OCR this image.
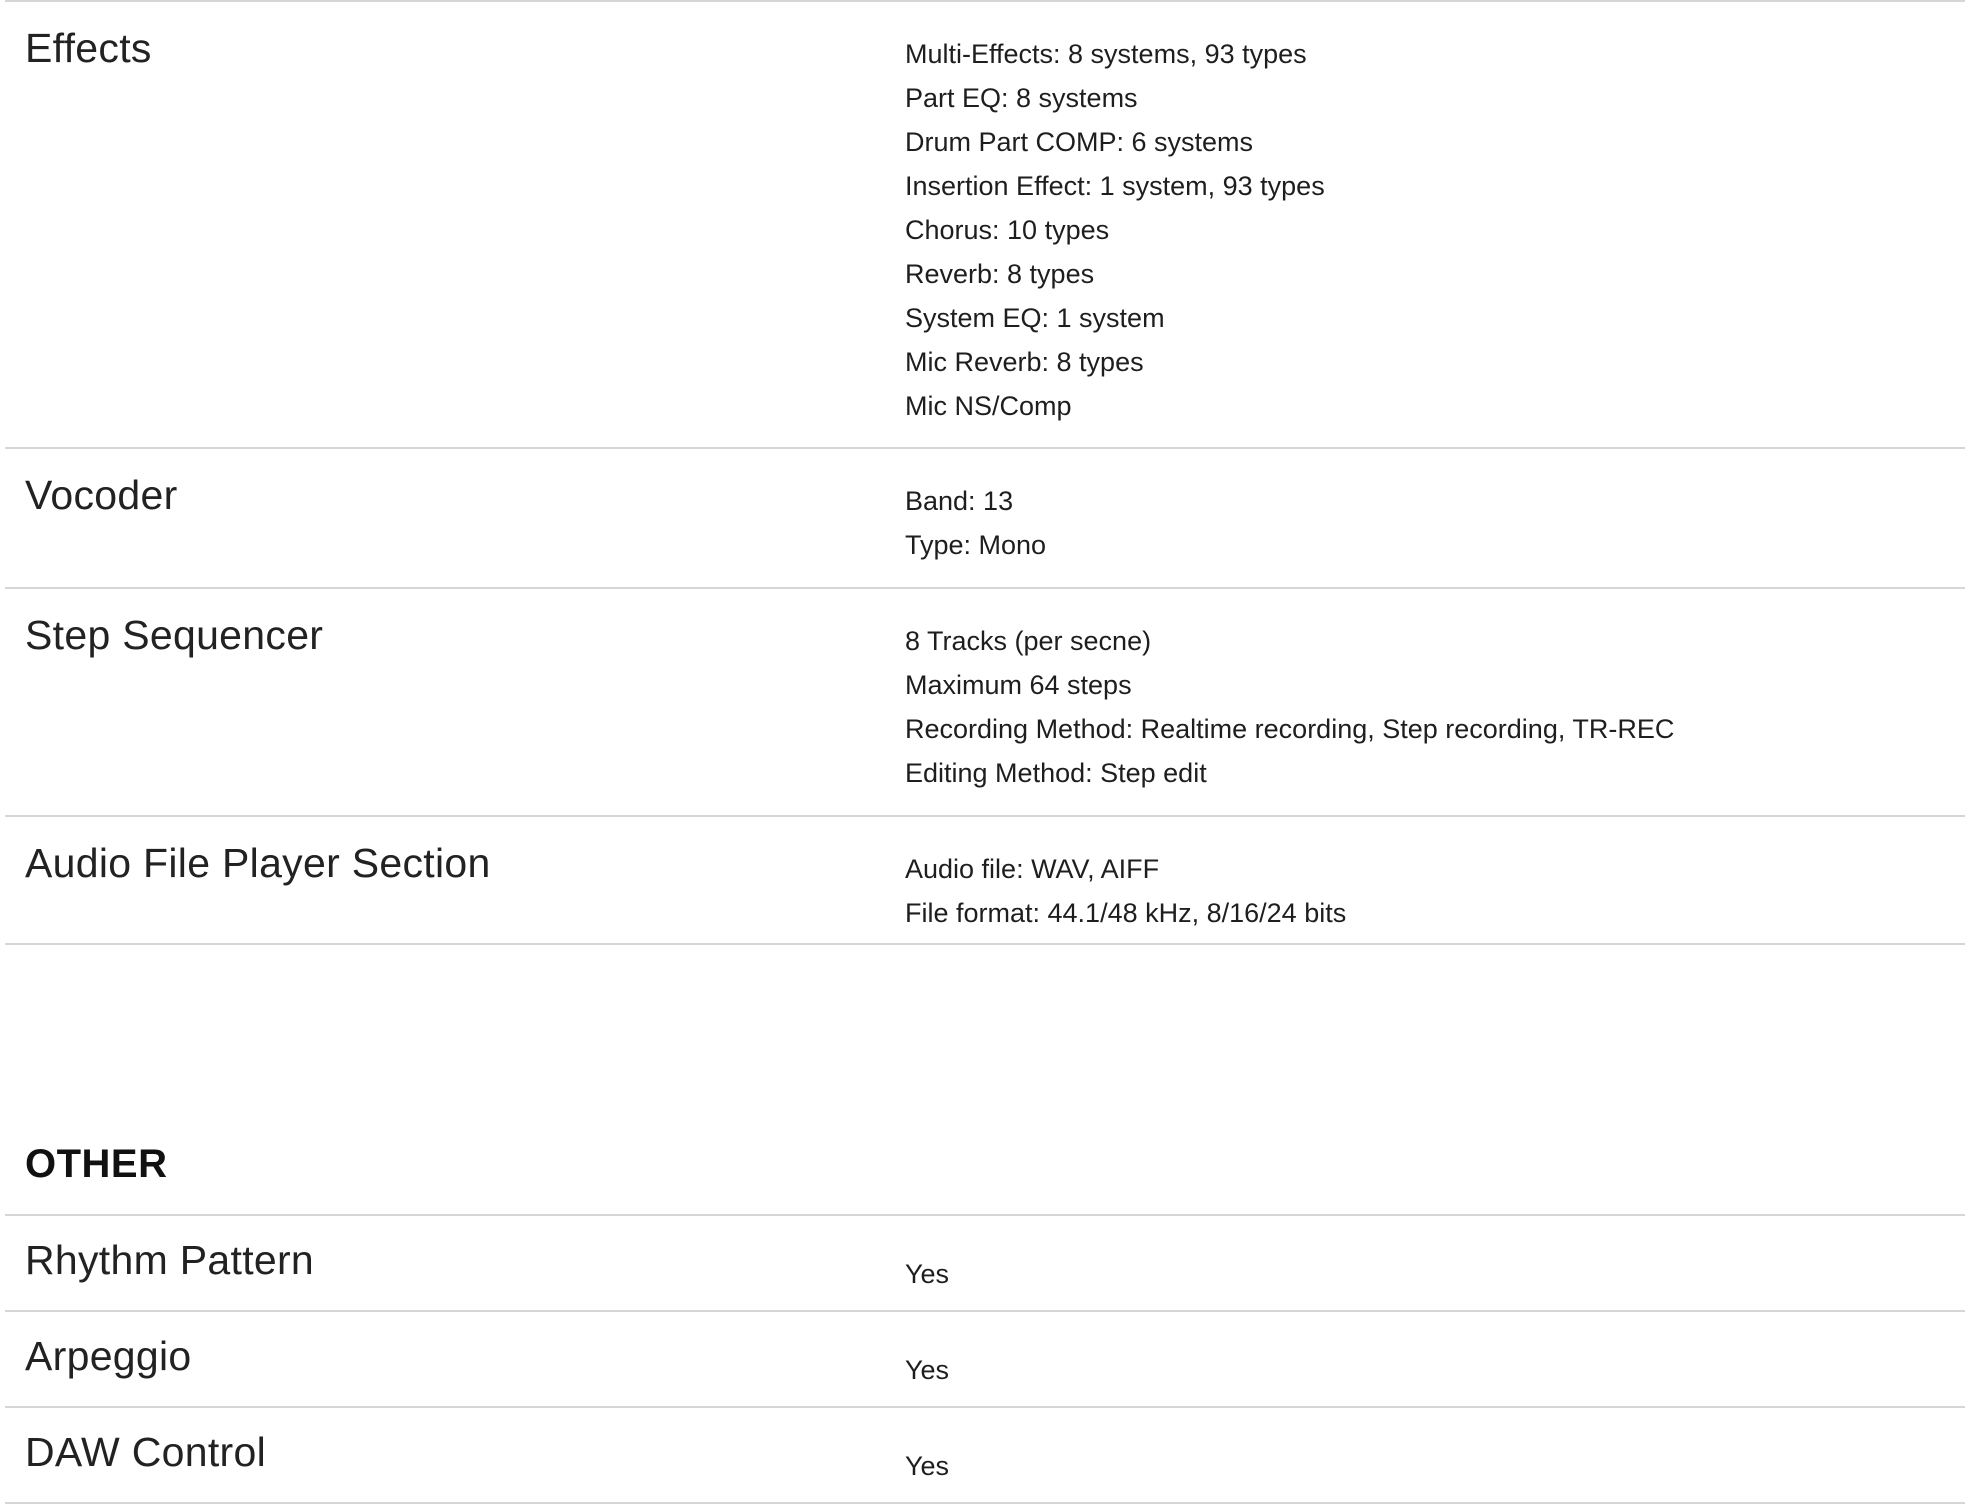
Effects	Multi-Effects: 8 systems, 93 types
Part EQ: 8 systems
Drum Part COMP: 6 systems
Insertion Effect: 1 system, 93 types
Chorus: 10 types
Reverb: 8 types
System EQ: 1 system
Mic Reverb: 8 types
Mic NS/Comp
Vocoder	Band: 13
Type: Mono
Step Sequencer	8 Tracks (per secne)
Maximum 64 steps
Recording Method: Realtime recording, Step recording, TR-REC
Editing Method: Step edit
Audio File Player Section	Audio file: WAV, AIFF
File format: 44.1/48 kHz, 8/16/24 bits
OTHER
Rhythm Pattern	Yes
Arpeggio	Yes
DAW Control	Yes
